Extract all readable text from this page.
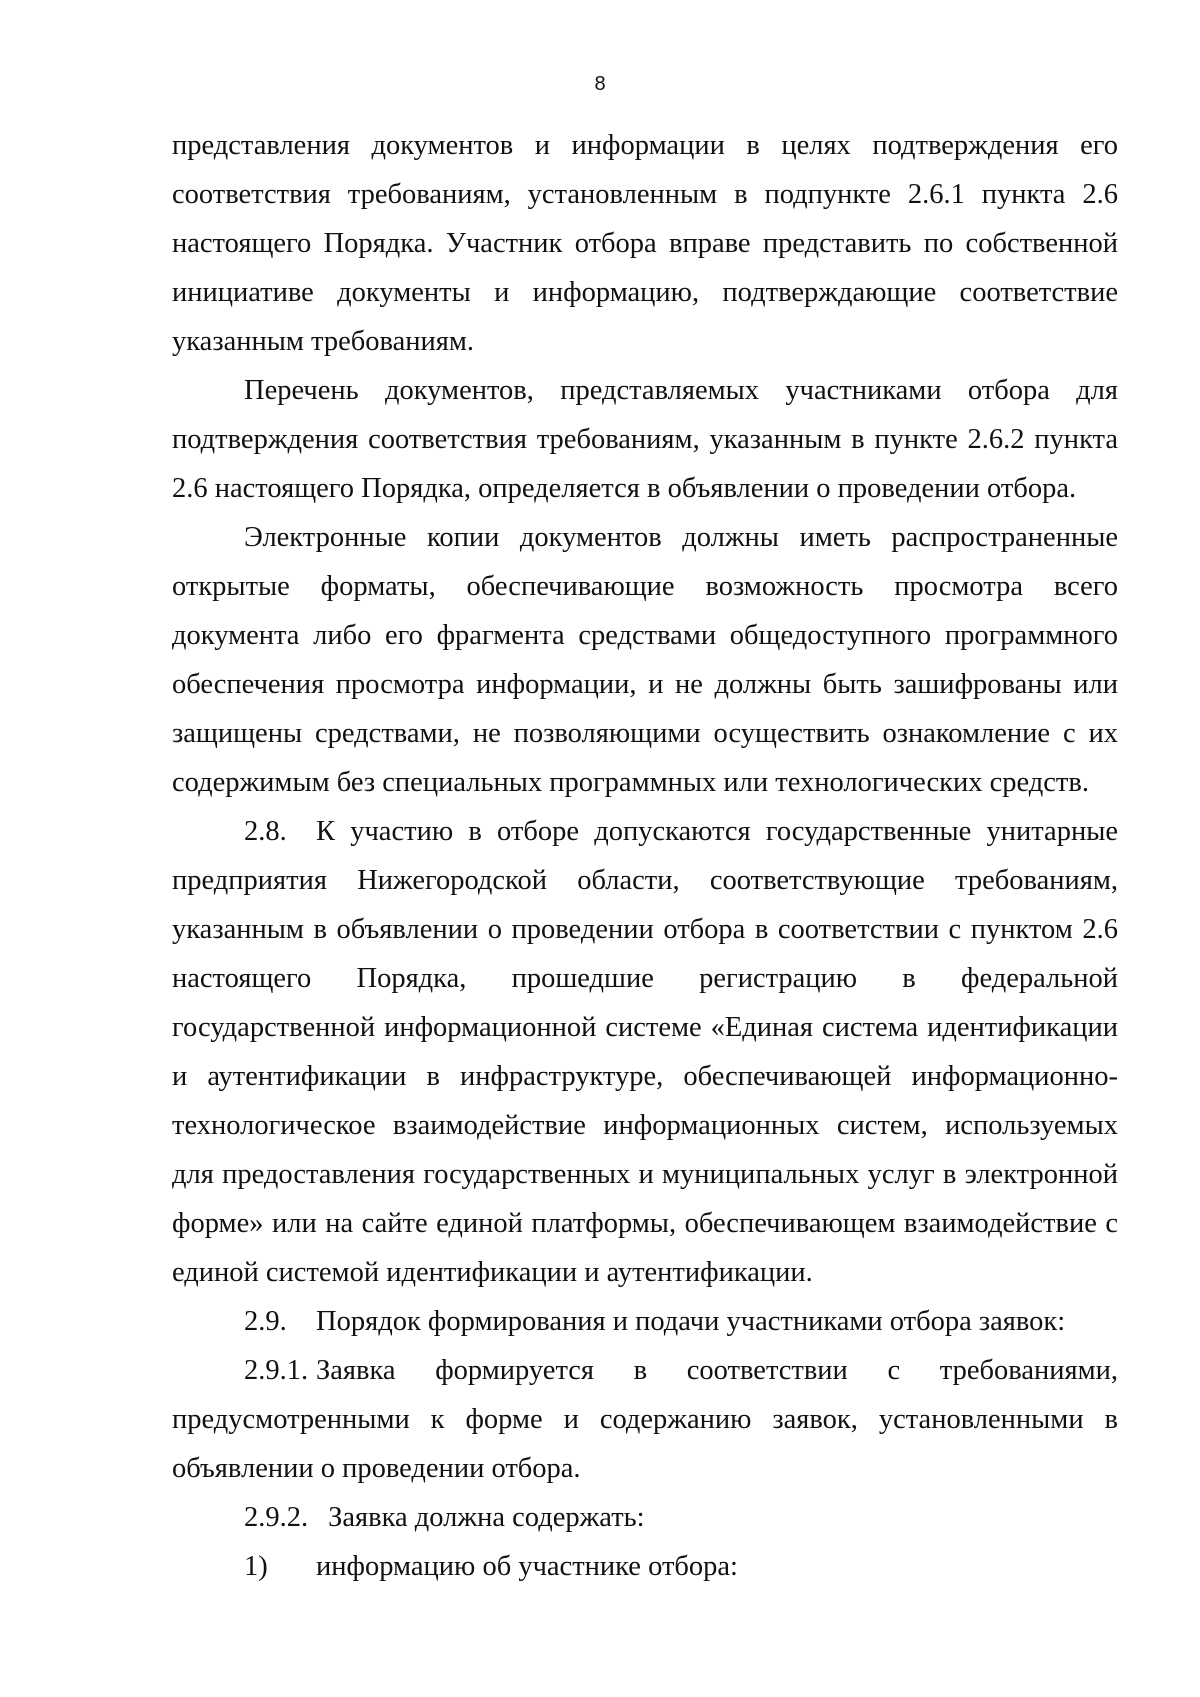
8

представления документов и информации в целях подтверждения его соответствия требованиям, установленным в подпункте 2.6.1 пункта 2.6 настоящего Порядка. Участник отбора вправе представить по собственной инициативе документы и информацию, подтверждающие соответствие указанным требованиям.

Перечень документов, представляемых участниками отбора для подтверждения соответствия требованиям, указанным в пункте 2.6.2 пункта 2.6 настоящего Порядка, определяется в объявлении о проведении отбора.

Электронные копии документов должны иметь распространенные открытые форматы, обеспечивающие возможность просмотра всего документа либо его фрагмента средствами общедоступного программного обеспечения просмотра информации, и не должны быть зашифрованы или защищены средствами, не позволяющими осуществить ознакомление с их содержимым без специальных программных или технологических средств.

2.8. К участию в отборе допускаются государственные унитарные предприятия Нижегородской области, соответствующие требованиям, указанным в объявлении о проведении отбора в соответствии с пунктом 2.6 настоящего Порядка, прошедшие регистрацию в федеральной государственной информационной системе «Единая система идентификации и аутентификации в инфраструктуре, обеспечивающей информационно-технологическое взаимодействие информационных систем, используемых для предоставления государственных и муниципальных услуг в электронной форме» или на сайте единой платформы, обеспечивающем взаимодействие с единой системой идентификации и аутентификации.

2.9. Порядок формирования и подачи участниками отбора заявок:

2.9.1. Заявка формируется в соответствии с требованиями, предусмотренными к форме и содержанию заявок, установленными в объявлении о проведении отбора.

2.9.2. Заявка должна содержать:

1) информацию об участнике отбора:
